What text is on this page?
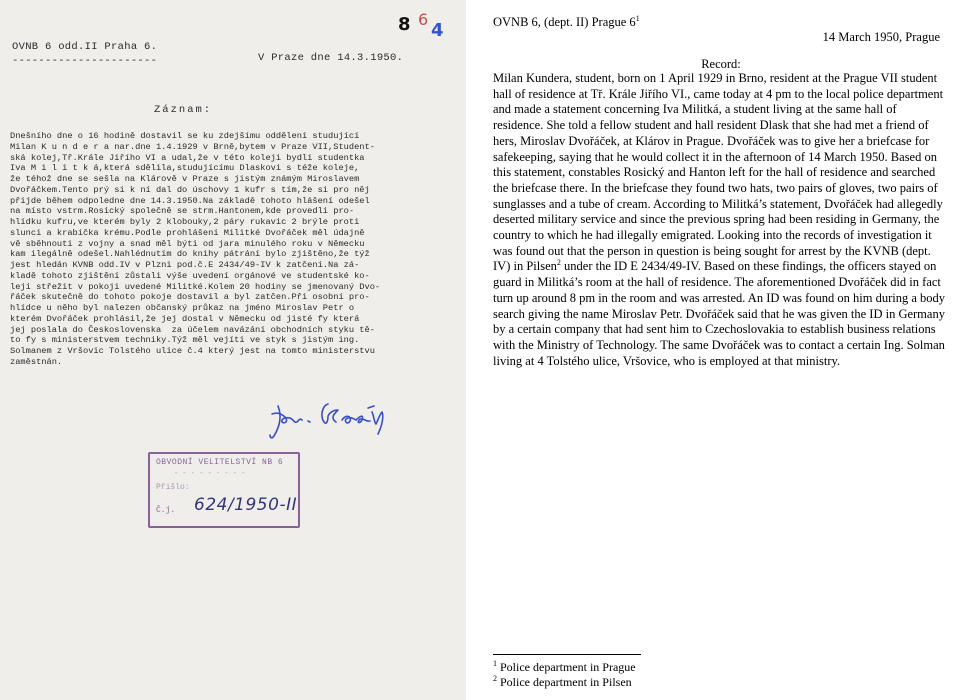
OVNB 6 odd.II Praha 6.
----------------------	V Praze dne 14.3.1950.
8 6
4
Záznam:
Dnešního dne o 16 hodině dostavil se ku zdejšímu oddělení studující
Milan K u n d e r a nar.dne 1.4.1929 v Brně,bytem v Praze VII,Student-
ská kolej,Tř.Krále Jiřího VI a udal,že v této koleji bydlí studentka
Iva M i l i t k á,která sdělila,studujícímu Dlaskovi s téže koleje,
že téhož dne se sešla na Klárově v Praze s jistým známým Miroslavem
Dvořáčkem.Tento prý si k ní dal do úschovy 1 kufr s tím,že si pro něj
přijde během odpoledne dne 14.3.1950.Na základě tohoto hlášení odešel
na místo vstrm.Rosický společně se strm.Hantonem,kde provedli pro-
hlídku kufru,ve kterém byly 2 klobouky,2 páry rukavic 2 brýle proti
slunci a krabička krému.Podle prohlášení Militké Dvořáček měl údajně
vě sběhnouti z vojny a snad měl býti od jara minulého roku v Německu
kam ilegálně odešel.Nahlédnutím do knihy pátrání bylo zjištěno,že týž
jest hledán KVNB odd.IV v Plzni pod.č.E 2434/49-IV k zatčení.Na zá-
kladě tohoto zjištění zůstali výše uvedení orgánové ve studentské ko-
leji střežit v pokoji uvedené Militké.Kolem 20 hodiny se jmenovaný Dvo-
řáček skutečně do tohoto pokoje dostavil a byl zatčen.Při osobní pro-
hlídce u něho byl nalezen občanský průkaz na jméno Miroslav Petr o
kterém Dvořáček prohlásil,že jej dostal v Německu od jisté fy která
jej poslala do Československa  za účelem navázání obchodních styku tě-
to fy s ministerstvem techniky.Týž měl vejíti ve styk s jistým ing.
Solmanem z Vršovic Tolstého ulice č.4 který jest na tomto ministerstvu
zaměstnán.
OBVODNÍ VELITELSTVÍ NB 6
- - - - - - - - -
Přišlo:
Č.j. 624/1950-II
OVNB 6, (dept. II) Prague $6^1$
14 March 1950, Prague
Record:
Milan Kundera, student, born on 1 April 1929 in Brno, resident at the Prague VII student hall of residence at Tř. Krále Jiřího VI., came today at 4 pm to the local police department and made a statement concerning Iva Militká, a student living at the same hall of residence. She told a fellow student and hall resident Dlask that she had met a friend of hers, Miroslav Dvořáček, at Klárov in Prague. Dvořáček was to give her a briefcase for safekeeping, saying that he would collect it in the afternoon of 14 March 1950. Based on this statement, constables Rosický and Hanton left for the hall of residence and searched the briefcase there. In the briefcase they found two hats, two pairs of gloves, two pairs of sunglasses and a tube of cream. According to Militká’s statement, Dvořáček had allegedly deserted military service and since the previous spring had been residing in Germany, the country to which he had illegally emigrated. Looking into the records of investigation it was found out that the person in question is being sought for arrest by the KVNB (dept. IV) in Pilsen$^2$ under the ID E 2434/49-IV. Based on these findings, the officers stayed on guard in Militká’s room at the hall of residence. The aforementioned Dvořáček did in fact turn up around 8 pm in the room and was arrested. An ID was found on him during a body search giving the name Miroslav Petr. Dvořáček said that he was given the ID in Germany by a certain company that had sent him to Czechoslovakia to establish business relations with the Ministry of Technology. The same Dvořáček was to contact a certain Ing. Solman living at 4 Tolstého ulice, Vršovice, who is employed at that ministry.
$^1$ Police department in Prague
$^2$ Police department in Pilsen
